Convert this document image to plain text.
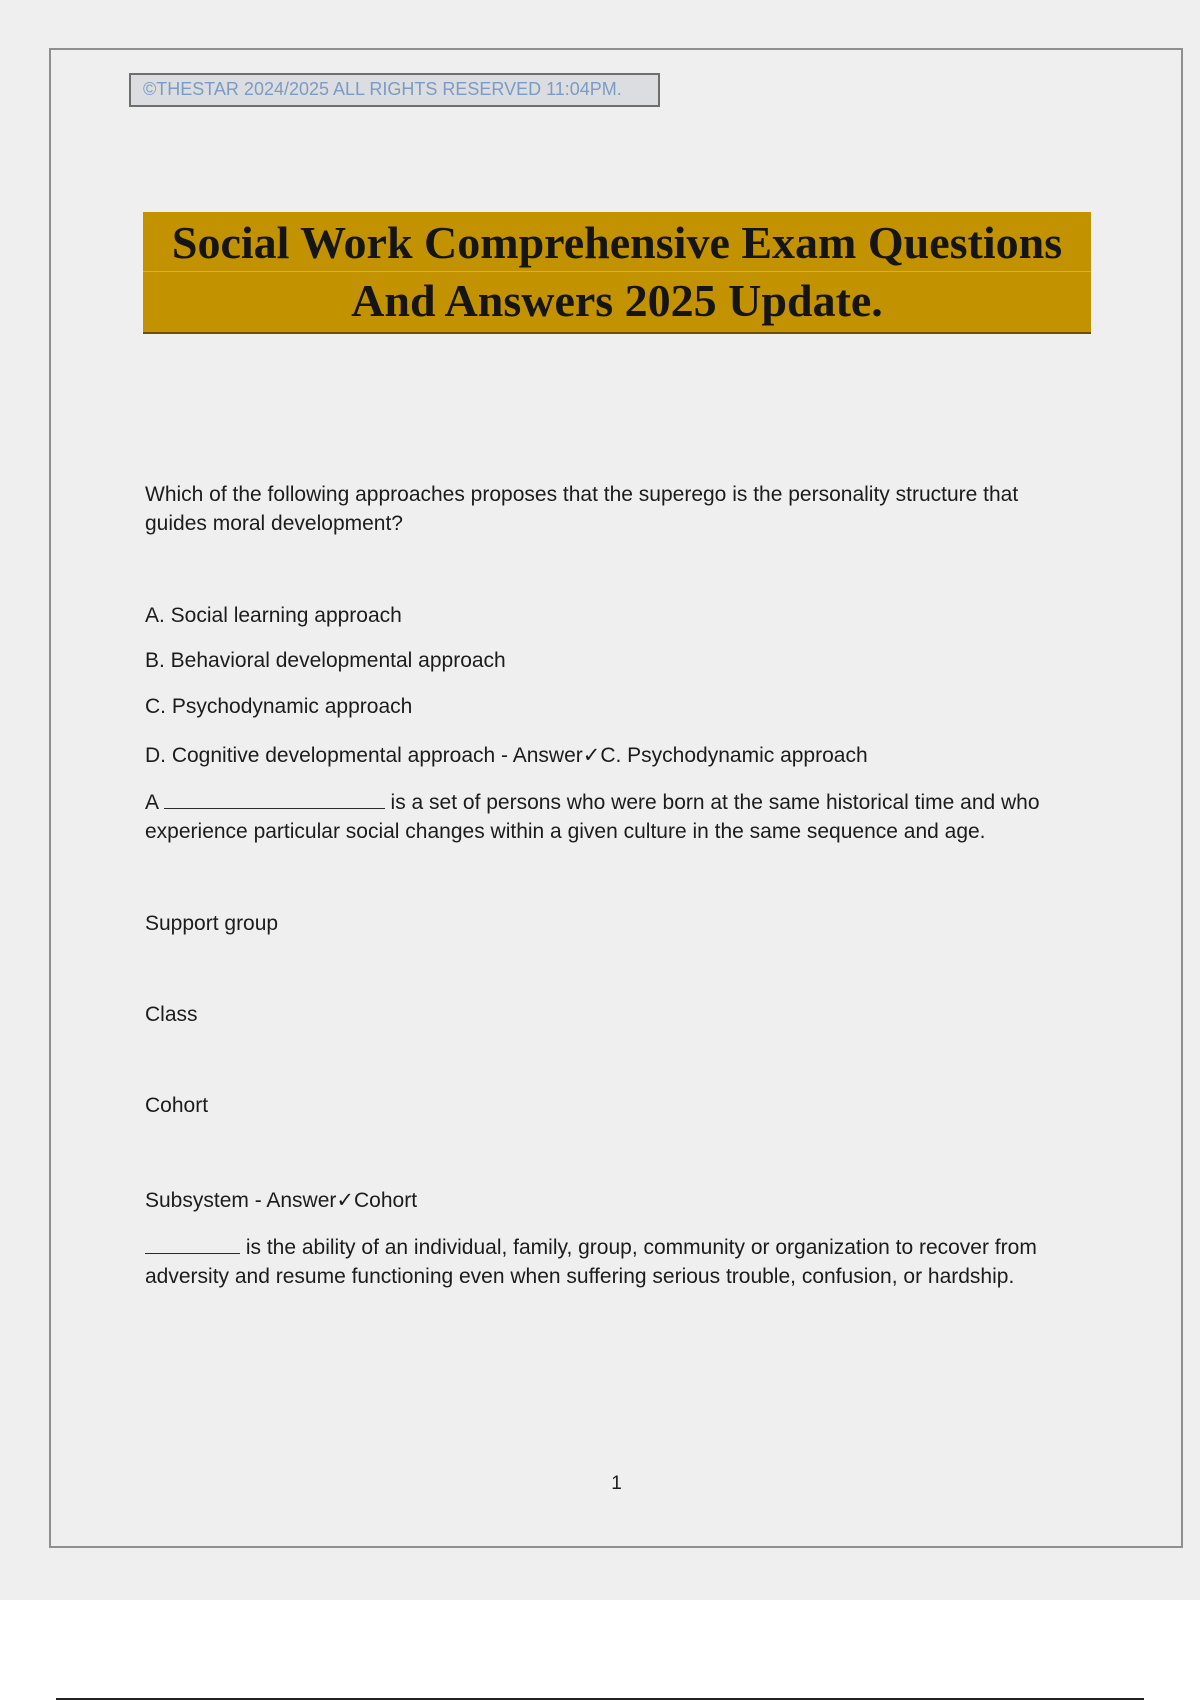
©THESTAR 2024/2025 ALL RIGHTS RESERVED 11:04PM.
Social Work Comprehensive Exam Questions
And Answers 2025 Update.
Which of the following approaches proposes that the superego is the personality structure that guides moral development?
A. Social learning approach
B. Behavioral developmental approach
C. Psychodynamic approach
D. Cognitive developmental approach - Answer✓C. Psychodynamic approach
A	is a set of persons who were born at the same historical time and who experience particular social changes within a given culture in the same sequence and age.
Support group
Class
Cohort
Subsystem - Answer✓Cohort
is the ability of an individual, family, group, community or organization to recover from adversity and resume functioning even when suffering serious trouble, confusion, or hardship.
1
